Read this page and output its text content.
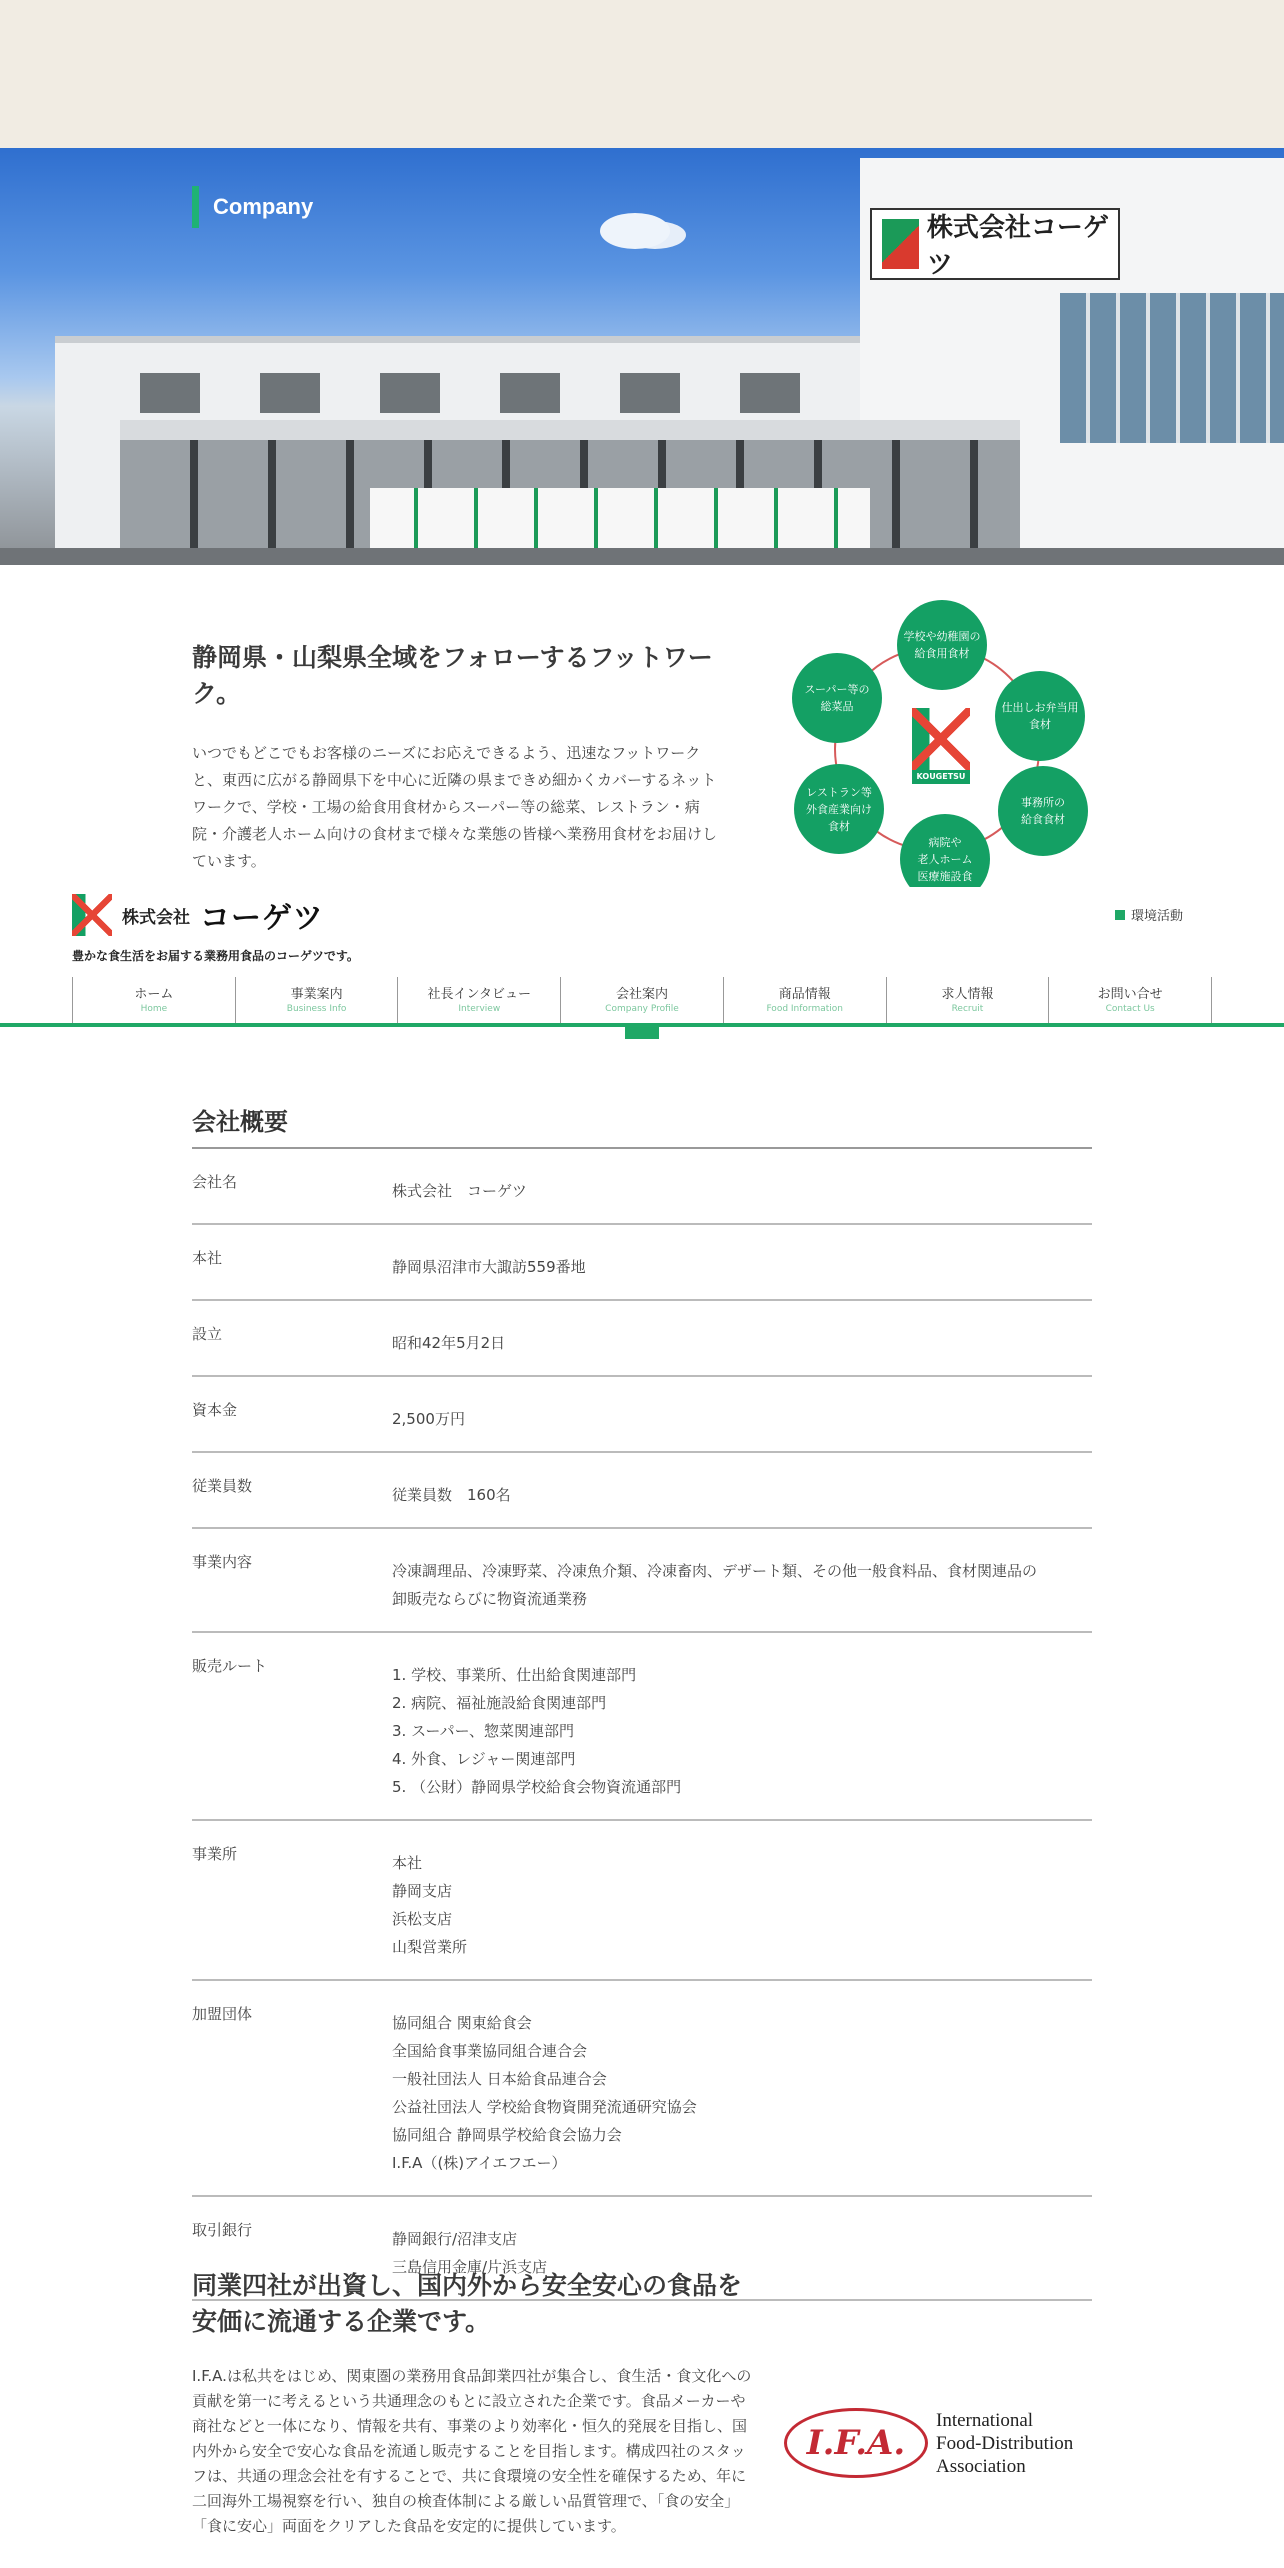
株式会社コーゲツ
Company
静岡県・山梨県全域をフォローするフットワーク。

いつでもどこでもお客様のニーズにお応えできるよう、迅速なフットワークと、東西に広がる静岡県下を中心に近隣の県まできめ細かくカバーするネットワークで、学校・工場の給食用食材からスーパー等の総菜、レストラン・病院・介護老人ホーム向けの食材まで様々な業態の皆様へ業務用食材をお届けしています。

学校や幼稚園の
給食用食材
仕出しお弁当用
食材
事務所の
給食食材
病院や
老人ホーム
医療施設食
レストラン等
外食産業向け
食材
スーパー等の
総菜品
KOUGETSU
株式会社 コーゲツ
豊かな食生活をお届する業務用食品のコーゲツです。
環境活動
ホーム
Home
事業案内
Business Info
社長インタビュー
Interview
会社案内
Company Profile
商品情報
Food Information
求人情報
Recruit
お問い合せ
Contact Us
会社概要
会社名	株式会社　コーゲツ
本社	静岡県沼津市大諏訪559番地
設立	昭和42年5月2日
資本金	2,500万円
従業員数	従業員数　160名
事業内容	冷凍調理品、冷凍野菜、冷凍魚介類、冷凍畜肉、デザート類、その他一般食料品、食材関連品の
卸販売ならびに物資流通業務
販売ルート	1. 学校、事業所、仕出給食関連部門
2. 病院、福祉施設給食関連部門
3. スーパー、惣菜関連部門
4. 外食、レジャー関連部門
5. （公財）静岡県学校給食会物資流通部門
事業所	本社
静岡支店
浜松支店
山梨営業所
加盟団体	協同組合 関東給食会
全国給食事業協同組合連合会
一般社団法人 日本給食品連合会
公益社団法人 学校給食物資開発流通研究協会
協同組合 静岡県学校給食会協力会
I.F.A（(株)アイエフエー）
取引銀行	静岡銀行/沼津支店
三島信用金庫/片浜支店
同業四社が出資し、国内外から安全安心の食品を安価に流通する企業です。

I.F.A.は私共をはじめ、関東圏の業務用食品卸業四社が集合し、食生活・食文化への貢献を第一に考えるという共通理念のもとに設立された企業です。食品メーカーや商社などと一体になり、情報を共有、事業のより効率化・恒久的発展を目指し、国内外から安全で安心な食品を流通し販売することを目指します。構成四社のスタッフは、共通の理念会社を有することで、共に食環境の安全性を確保するため、年に二回海外工場視察を行い、独自の検査体制による厳しい品質管理で、「食の安全」「食に安心」両面をクリアした食品を安定的に提供しています。

I.F.A.
International
Food-Distribution
Association
